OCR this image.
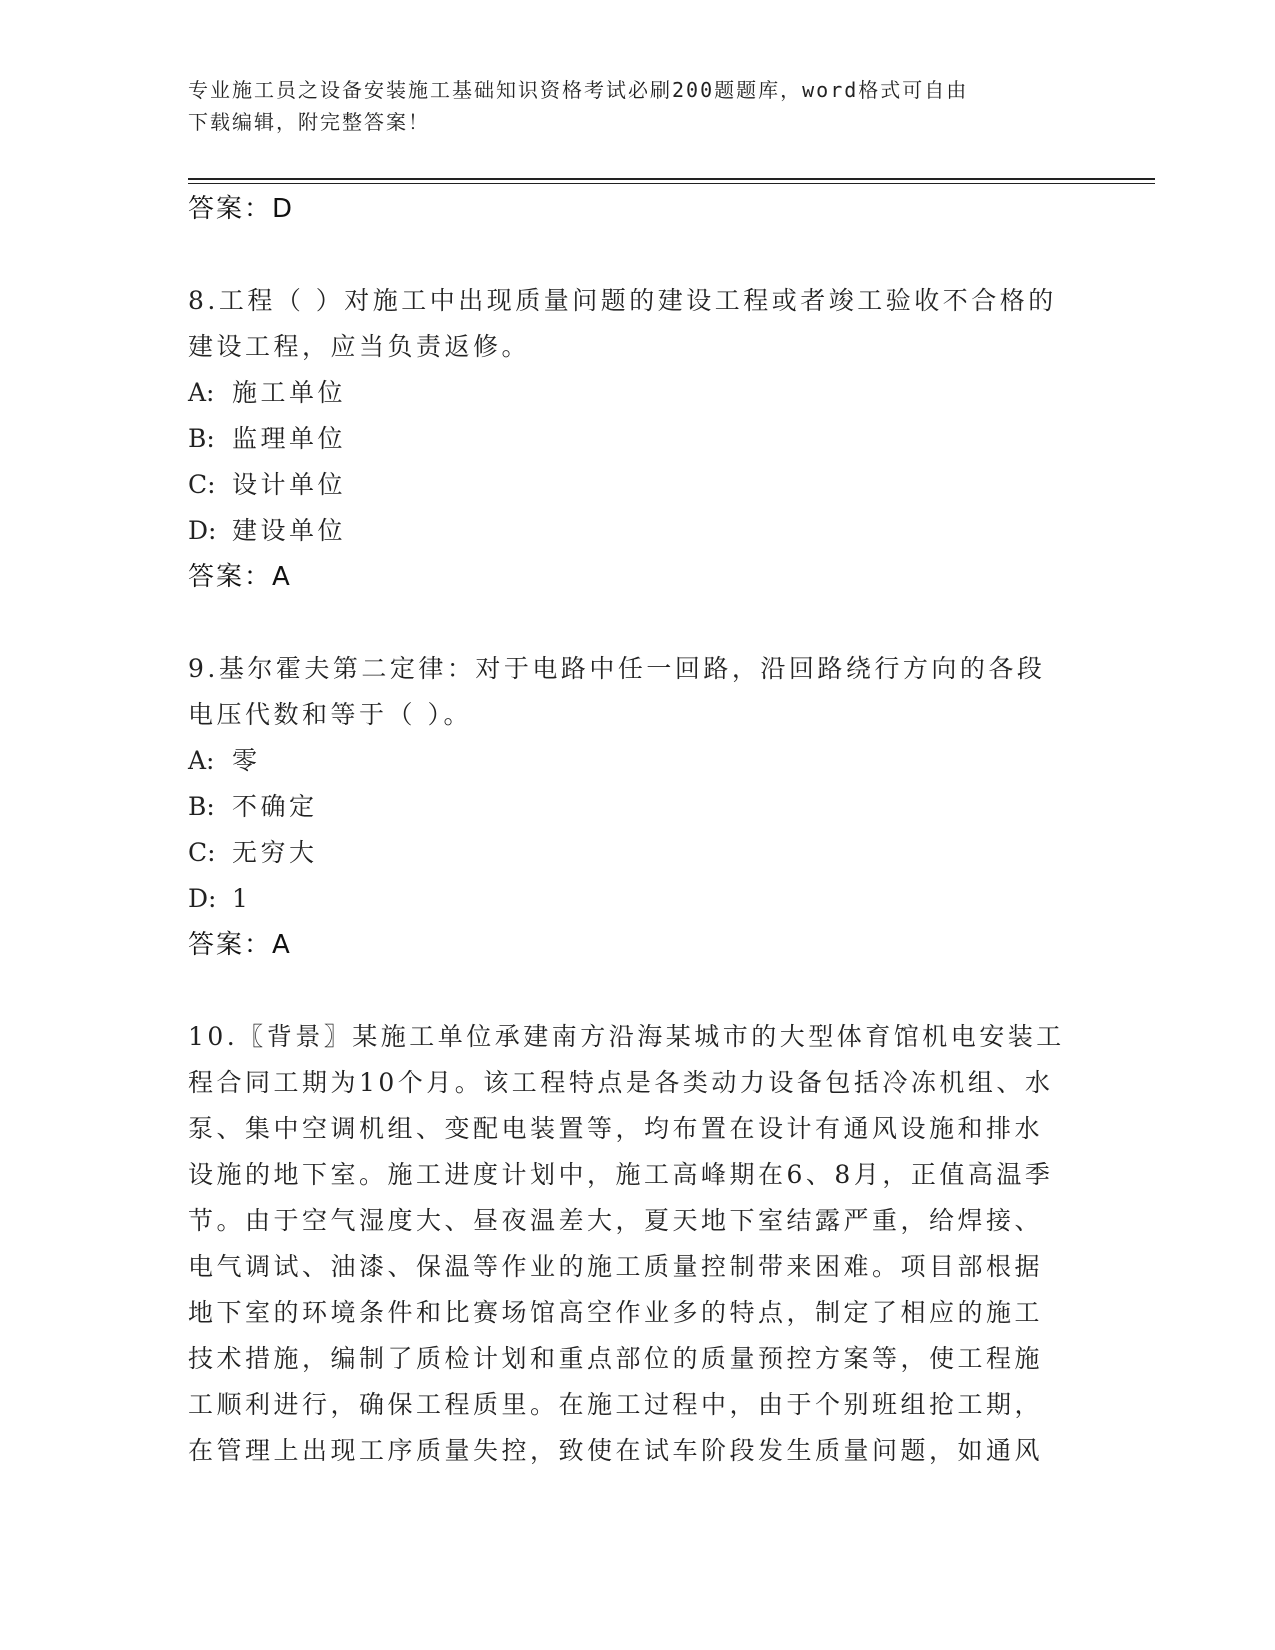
专业施工员之设备安装施工基础知识资格考试必刷200题题库，word格式可自由
下载编辑，附完整答案！
答案：D
8.工程（ ）对施工中出现质量问题的建设工程或者竣工验收不合格的
建设工程，应当负责返修。
A: 施工单位
B: 监理单位
C: 设计单位
D: 建设单位
答案：A
9.基尔霍夫第二定律：对于电路中任一回路，沿回路绕行方向的各段
电压代数和等于（ ）。
A: 零
B: 不确定
C: 无穷大
D: 1
答案：A
10.〖背景〗某施工单位承建南方沿海某城市的大型体育馆机电安装工
程合同工期为10个月。该工程特点是各类动力设备包括冷冻机组、水
泵、集中空调机组、变配电装置等，均布置在设计有通风设施和排水
设施的地下室。施工进度计划中，施工高峰期在6、8月，正值高温季
节。由于空气湿度大、昼夜温差大，夏天地下室结露严重，给焊接、
电气调试、油漆、保温等作业的施工质量控制带来困难。项目部根据
地下室的环境条件和比赛场馆高空作业多的特点，制定了相应的施工
技术措施，编制了质检计划和重点部位的质量预控方案等，使工程施
工顺利进行，确保工程质里。在施工过程中，由于个别班组抢工期，
在管理上出现工序质量失控，致使在试车阶段发生质量问题，如通风
